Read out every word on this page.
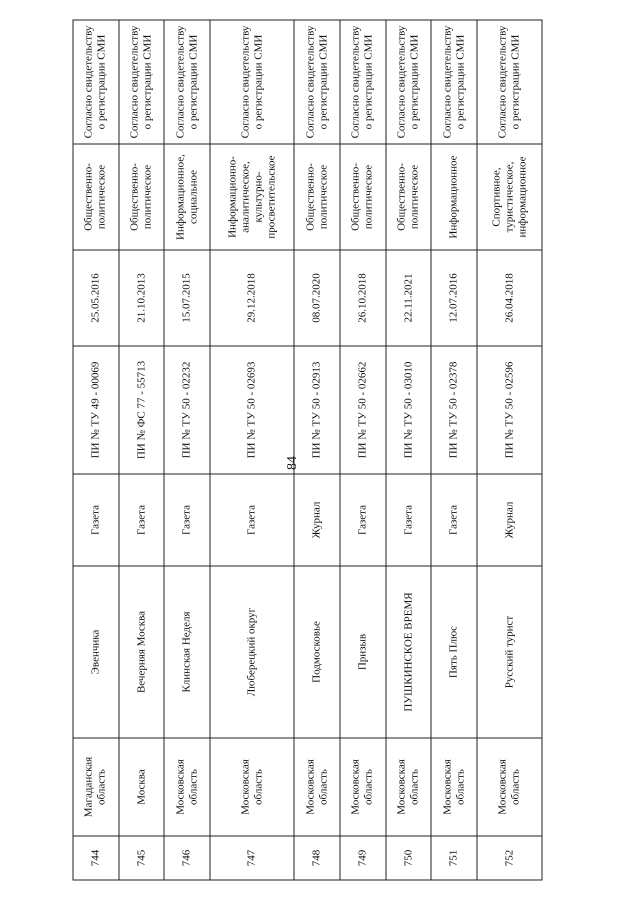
84
744	Магаданская область	Эвенчика	Газета	ПИ № ТУ 49 - 00069	25.05.2016	Общественно-политическое	Согласно свидетельству о регистрации СМИ
745	Москва	Вечерняя Москва	Газета	ПИ № ФС 77 - 55713	21.10.2013	Общественно-политическое	Согласно свидетельству о регистрации СМИ
746	Московская область	Клинская Неделя	Газета	ПИ № ТУ 50 - 02232	15.07.2015	Информационное, социальное	Согласно свидетельству о регистрации СМИ
747	Московская область	Люберецкий округ	Газета	ПИ № ТУ 50 - 02693	29.12.2018	Информационно-аналитическое, культурно-просветительское	Согласно свидетельству о регистрации СМИ
748	Московская область	Подмосковье	Журнал	ПИ № ТУ 50 - 02913	08.07.2020	Общественно-политическое	Согласно свидетельству о регистрации СМИ
749	Московская область	Призыв	Газета	ПИ № ТУ 50 - 02662	26.10.2018	Общественно-политическое	Согласно свидетельству о регистрации СМИ
750	Московская область	ПУШКИНСКОЕ ВРЕМЯ	Газета	ПИ № ТУ 50 - 03010	22.11.2021	Общественно-политическое	Согласно свидетельству о регистрации СМИ
751	Московская область	Пять Плюс	Газета	ПИ № ТУ 50 - 02378	12.07.2016	Информационное	Согласно свидетельству о регистрации СМИ
752	Московская область	Русский турист	Журнал	ПИ № ТУ 50 - 02596	26.04.2018	Спортивное, туристическое, информационное	Согласно свидетельству о регистрации СМИ
